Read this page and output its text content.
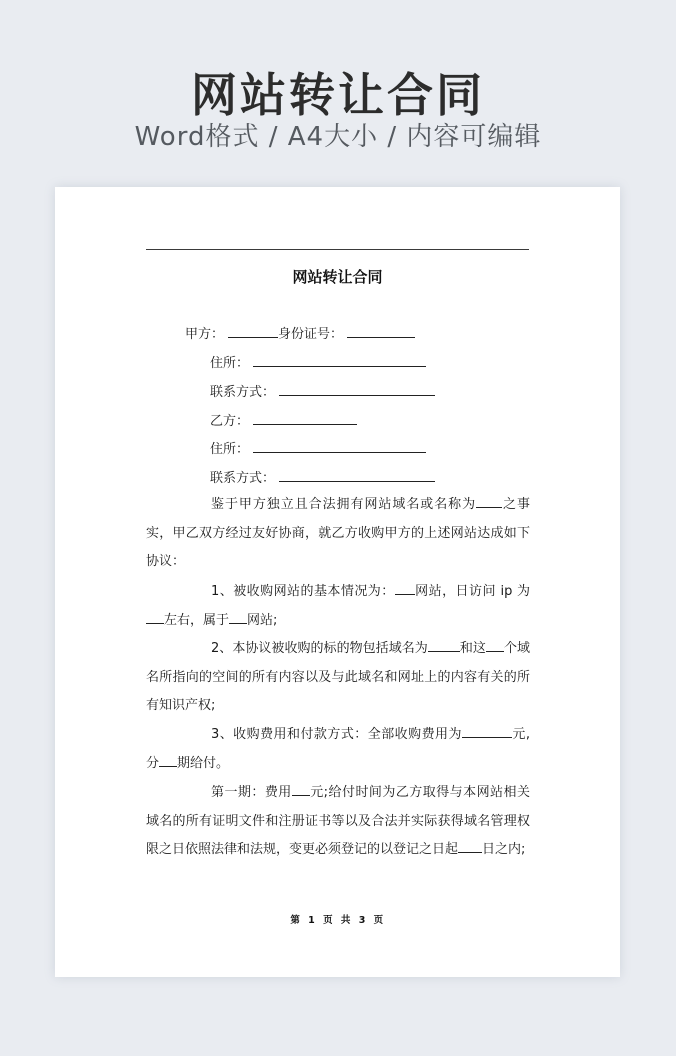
网站转让合同
Word格式 / A4大小 / 内容可编辑
网站转让合同
甲方：	身份证号：
住所：
联系方式：
乙方：
住所：
联系方式：

鉴于甲方独立且合法拥有网站域名或名称为 之事实，甲乙双方经过友好协商，就乙方收购甲方的上述网站达成如下协议：

1、被收购网站的基本情况为： 网站，日访问 ip 为左右，属于 网站;

2、本协议被收购的标的物包括域名为 和这 个域名所指向的空间的所有内容以及与此域名和网址上的内容有关的所有知识产权;

3、收购费用和付款方式：全部收购费用为	元,分 期给付。

第一期：费用 元;给付时间为乙方取得与本网站相关域名的所有证明文件和注册证书等以及合法并实际获得域名管理权限之日依照法律和法规，变更必须登记的以登记之日起 日之内;

第 1 页 共 3 页
